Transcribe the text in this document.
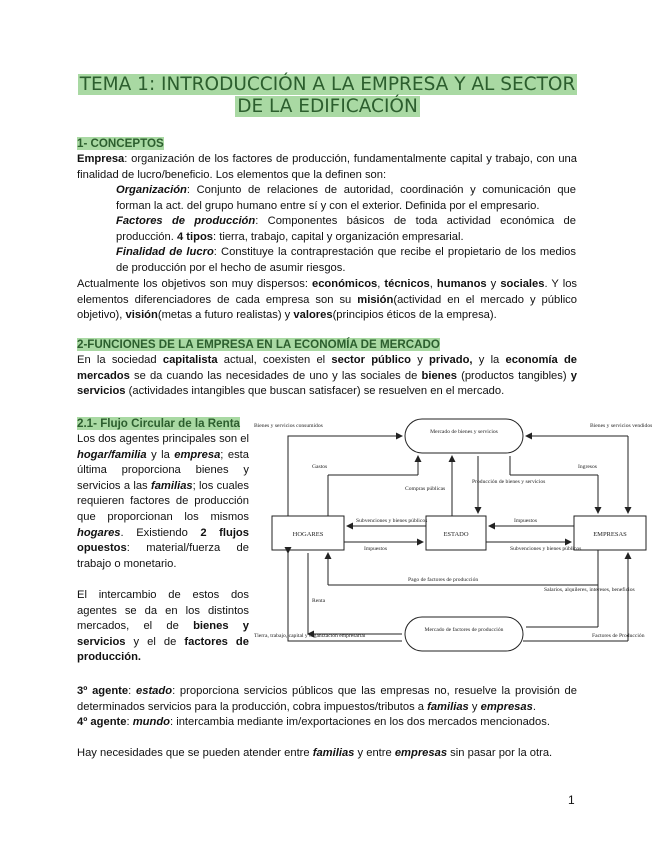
TEMA 1: INTRODUCCIÓN A LA EMPRESA Y AL SECTOR
DE LA EDIFICACIÓN
1- CONCEPTOS
Empresa: organización de los factores de producción, fundamentalmente capital y trabajo, con una finalidad de lucro/beneficio. Los elementos que la definen son:
Organización: Conjunto de relaciones de autoridad, coordinación y comunicación que forman la act. del grupo humano entre sí y con el exterior. Definida por el empresario.
Factores de producción: Componentes básicos de toda actividad económica de producción. 4 tipos: tierra, trabajo, capital y organización empresarial.
Finalidad de lucro: Constituye la contraprestación que recibe el propietario de los medios de producción por el hecho de asumir riesgos.
Actualmente los objetivos son muy dispersos: económicos, técnicos, humanos y sociales. Y los elementos diferenciadores de cada empresa son su misión(actividad en el mercado y público objetivo), visión(metas a futuro realistas) y valores(principios éticos de la empresa).
2-FUNCIONES DE LA EMPRESA EN LA ECONOMÍA DE MERCADO
En la sociedad capitalista actual, coexisten el sector público y privado, y la economía de mercados se da cuando las necesidades de uno y las sociales de bienes (productos tangibles) y servicios (actividades intangibles que buscan satisfacer) se resuelven en el mercado.
2.1- Flujo Circular de la Renta
Los dos agentes principales son el hogar/familia y la empresa; esta última proporciona bienes y servicios a las familias; los cuales requieren factores de producción que proporcionan los mismos hogares. Existiendo 2 flujos opuestos: material/fuerza de trabajo o monetario.
El intercambio de estos dos agentes se da en los distintos mercados, el de bienes y servicios y el de factores de producción.
Mercado de bienes y servicios
Mercado de factores de producción
HOGARES	ESTADO	EMPRESAS
Bienes y servicios consumidos	Bienes y servicios vendidos
Gastos	Ingresos
Compras públicas
Producción de bienes y servicios
Subvenciones y bienes públicos
Impuestos
Impuestos
Subvenciones y bienes públicos
Pago de factores de producción
Renta
Salarios, alquileres, intereses, beneficios
Tierra, trabajo, capital y organización empresarial	Factores de Producción
3º agente: estado: proporciona servicios públicos que las empresas no, resuelve la provisión de determinados servicios para la producción, cobra impuestos/tributos a familias y empresas.
4º agente: mundo: intercambia mediante im/exportaciones en los dos mercados mencionados.
Hay necesidades que se pueden atender entre familias y entre empresas sin pasar por la otra.
1
